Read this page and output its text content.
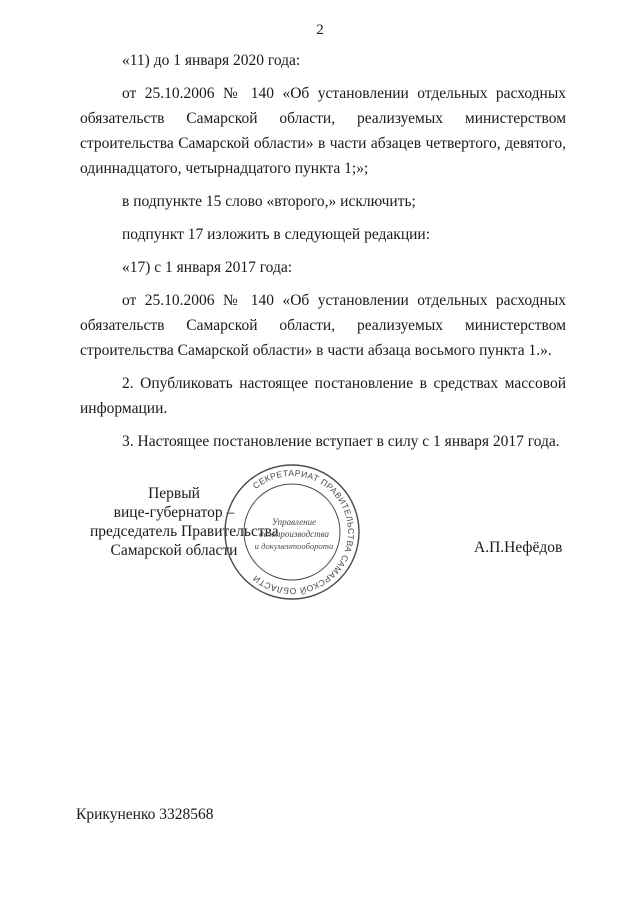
2

«11) до 1 января 2020 года:

от 25.10.2006 № 140 «Об установлении отдельных расходных

обязательств Самарской области, реализуемых министерством

строительства Самарской области» в части абзацев четвертого, девятого,

одиннадцатого, четырнадцатого пункта 1;»;

в подпункте 15 слово «второго,» исключить;

подпункт 17 изложить в следующей редакции:

«17) с 1 января 2017 года:

от 25.10.2006 № 140 «Об установлении отдельных расходных

обязательств Самарской области, реализуемых министерством

строительства Самарской области» в части абзаца восьмого пункта 1.».

2. Опубликовать настоящее постановление в средствах массовой

информации.

3. Настоящее постановление вступает в силу с 1 января 2017 года.

Первый
вице-губернатор –
председатель Правительства
Самарской области
СЕКРЕТАРИАТ ПРАВИТЕЛЬСТВА САМАРСКОЙ ОБЛАСТИ
Управление
делопроизводства
и документооборота	А.П.Нефёдов
Крикуненко 3328568
